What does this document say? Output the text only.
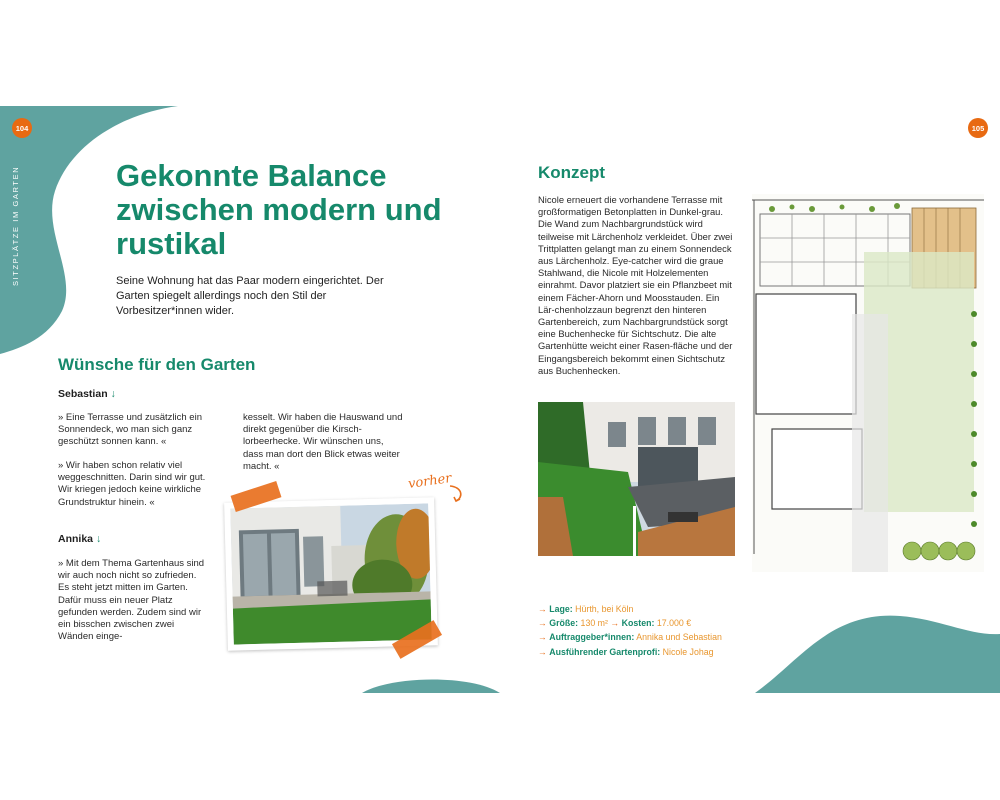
104
SITZPLÄTZE IM GARTEN	Gekonnte Balance zwischen modern und rustikal
Seine Wohnung hat das Paar modern eingerichtet. Der Garten spiegelt allerdings noch den Stil der Vorbesitzer*innen wider.
Wünsche für den Garten
Sebastian ↓
» Eine Terrasse und zusätzlich ein Sonnendeck, wo man sich ganz geschützt sonnen kann. «
» Wir haben schon relativ viel weggeschnitten. Darin sind wir gut. Wir kriegen jedoch keine wirkliche Grundstruktur hinein. «
Annika ↓
» Mit dem Thema Gartenhaus sind wir auch noch nicht so zufrieden. Es steht jetzt mitten im Garten. Dafür muss ein neuer Platz gefunden werden. Zudem sind wir ein bisschen zwischen zwei Wänden einge-
kesselt. Wir haben die Hauswand und direkt gegenüber die Kirsch-lorbeerhecke. Wir wünschen uns, dass man dort den Blick etwas weiter macht. «
vorher
105
Konzept
Nicole erneuert die vorhandene Terrasse mit großformatigen Betonplatten in Dunkel-grau. Die Wand zum Nachbargrundstück wird teilweise mit Lärchenholz verkleidet. Über zwei Trittplatten gelangt man zu einem Sonnendeck aus Lärchenholz. Eye-catcher wird die graue Stahlwand, die Nicole mit Holzelementen einrahmt. Davor platziert sie ein Pflanzbeet mit einem Fächer-Ahorn und Moosstauden. Ein Lär-chenholzzaun begrenzt den hinteren Gartenbereich, zum Nachbargrundstück sorgt eine Buchenhecke für Sichtschutz. Die alte Gartenhütte weicht einer Rasen-fläche und der Eingangsbereich bekommt einen Sichtschutz aus Buchenhecken.
→ Lage: Hürth, bei Köln
→ Größe: 130 m² → Kosten: 17.000 €
→ Auftraggeber*innen: Annika und Sebastian
→ Ausführender Gartenprofi: Nicole Johag
